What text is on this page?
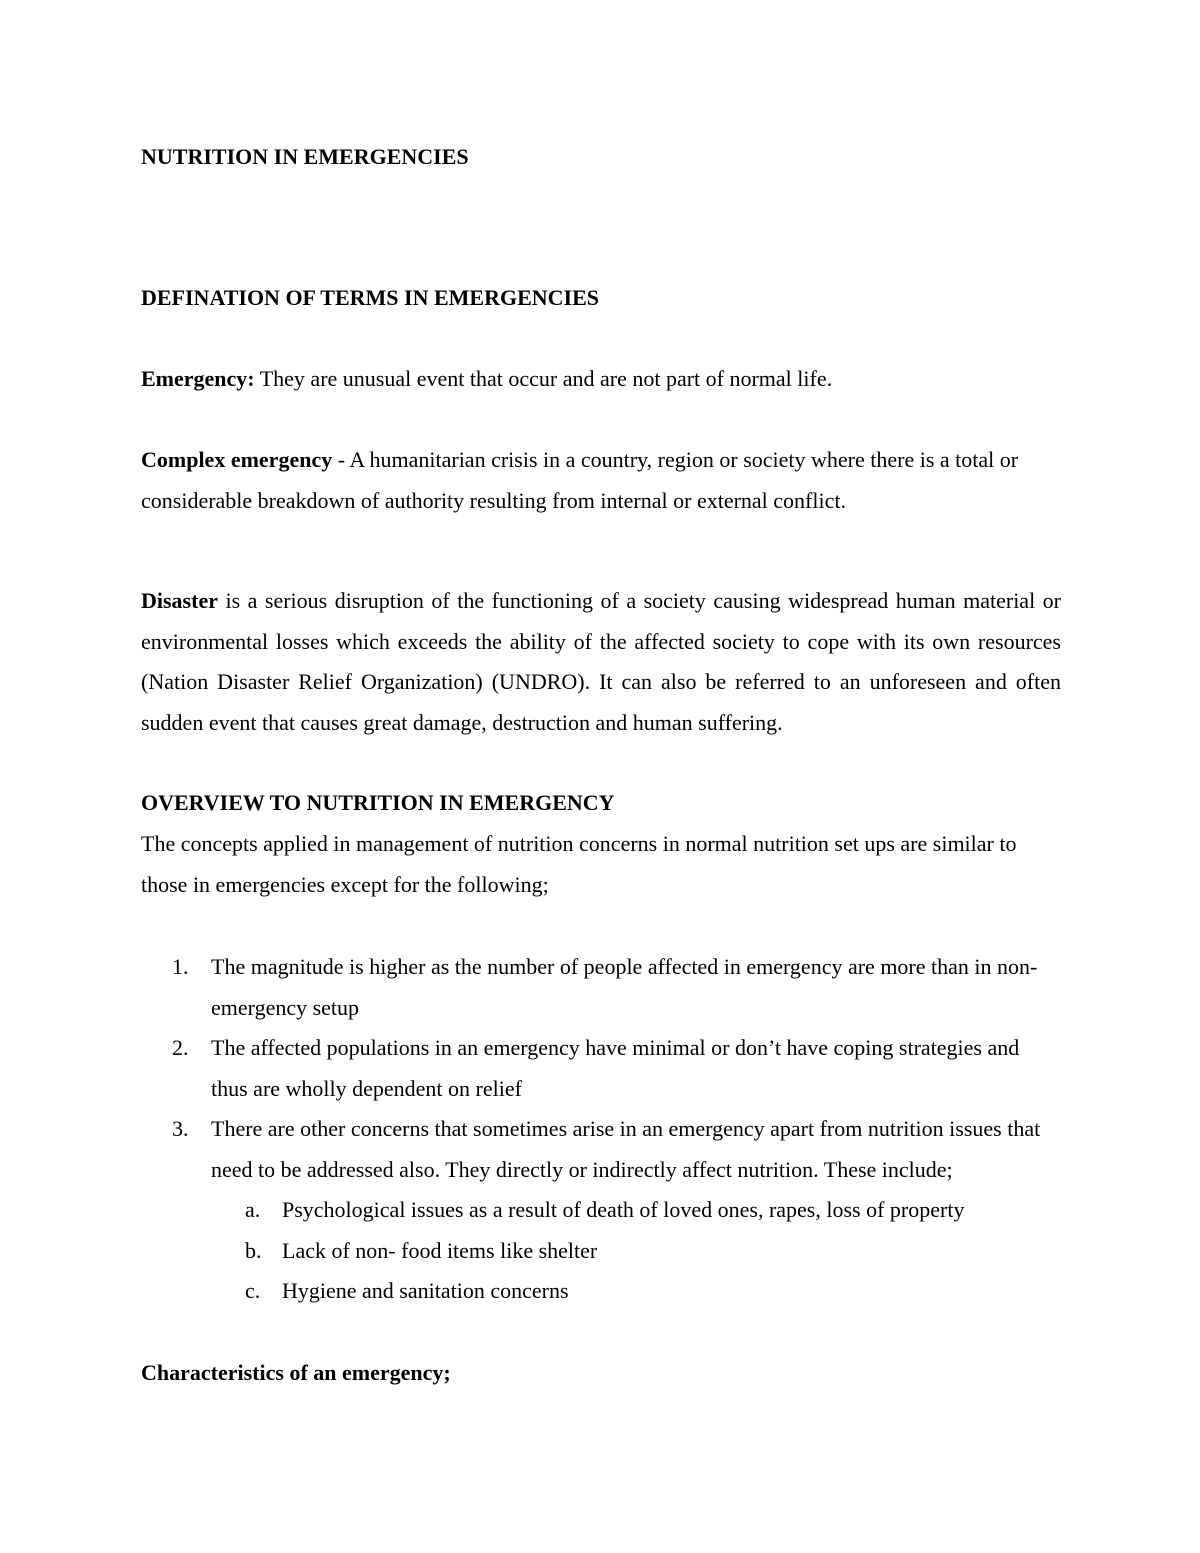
NUTRITION IN EMERGENCIES
DEFINATION OF TERMS IN EMERGENCIES
Emergency: They are unusual event that occur and are not part of normal life.
Complex emergency - A humanitarian crisis in a country, region or society where there is a total or considerable breakdown of authority resulting from internal or external conflict.
Disaster is a serious disruption of the functioning of a society causing widespread human material or environmental losses which exceeds the ability of the affected society to cope with its own resources (Nation Disaster Relief Organization) (UNDRO). It can also be referred to an unforeseen and often sudden event that causes great damage, destruction and human suffering.
OVERVIEW TO NUTRITION IN EMERGENCY
The concepts applied in management of nutrition concerns in normal nutrition set ups are similar to those in emergencies except for the following;
1. The magnitude is higher as the number of people affected in emergency are more than in non-emergency setup
2. The affected populations in an emergency have minimal or don’t have coping strategies and thus are wholly dependent on relief
3. There are other concerns that sometimes arise in an emergency apart from nutrition issues that need to be addressed also. They directly or indirectly affect nutrition. These include;
a. Psychological issues as a result of death of loved ones, rapes, loss of property
b. Lack of non- food items like shelter
c. Hygiene and sanitation concerns
Characteristics of an emergency;
